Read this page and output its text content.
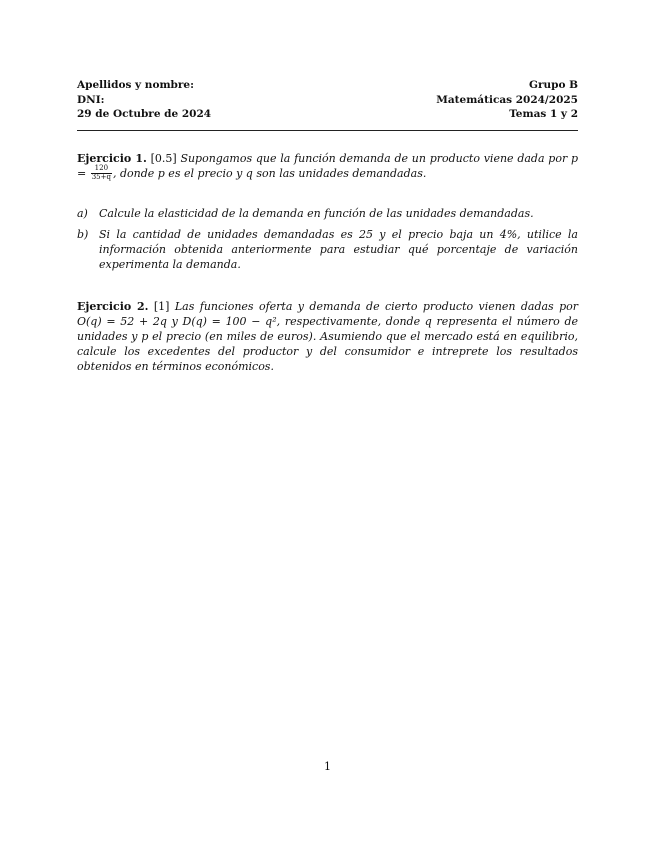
Apellidos y nombre:	Grupo B
DNI:	Matemáticas 2024/2025
29 de Octubre de 2024	Temas 1 y 2
Ejercicio 1. [0.5] Supongamos que la función demanda de un producto viene dada por $p = \frac{120}{35+q}$ , donde p es el precio y q son las unidades demandadas.
a)	Calcule la elasticidad de la demanda en función de las unidades demandadas.
b) Si la cantidad de unidades demandadas es 25 y el precio baja un 4%, utilice la información obtenida anteriormente para estudiar qué porcentaje de variación experimenta la demanda.
Ejercicio 2. [1] Las funciones oferta y demanda de cierto producto vienen dadas por O(q) = 52 + 2q y D(q) = 100 − q², respectivamente, donde q representa el número de unidades y p el precio (en miles de euros). Asumiendo que el mercado está en equilibrio, calcule los excedentes del productor y del consumidor e intreprete los resultados obtenidos en términos económicos.
1
